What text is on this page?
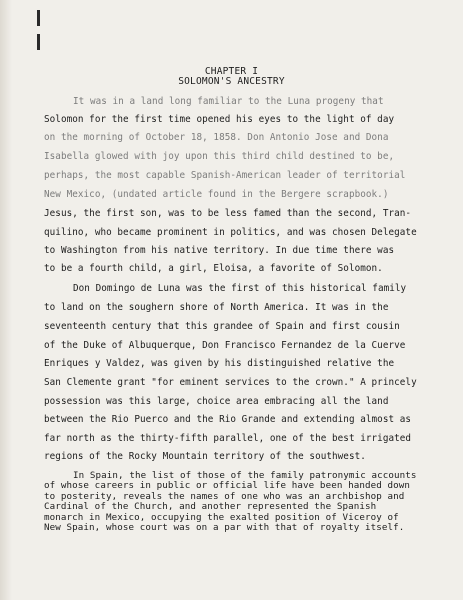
CHAPTER I
SOLOMON'S ANCESTRY
It was in a land long familiar to the Luna progeny that
Solomon for the first time opened his eyes to the light of day
on the morning of October 18, 1858. Don Antonio Jose and Dona
Isabella glowed with joy upon this third child destined to be,
perhaps, the most capable Spanish-American leader of territorial
New Mexico, (undated article found in the Bergere scrapbook.)
Jesus, the first son, was to be less famed than the second, Tran-
quilino, who became prominent in politics, and was chosen Delegate
to Washington from his native territory. In due time there was
to be a fourth child, a girl, Eloisa, a favorite of Solomon.
Don Domingo de Luna was the first of this historical family
to land on the soughern shore of North America. It was in the
seventeenth century that this grandee of Spain and first cousin
of the Duke of Albuquerque, Don Francisco Fernandez de la Cuerve
Enriques y Valdez, was given by his distinguished relative the
San Clemente grant "for eminent services to the crown." A princely
possession was this large, choice area embracing all the land
between the Rio Puerco and the Rio Grande and extending almost as
far north as the thirty-fifth parallel, one of the best irrigated
regions of the Rocky Mountain territory of the southwest.
In Spain, the list of those of the family patronymic accounts
of whose careers in public or official life have been handed down
to posterity, reveals the names of one who was an archbishop and
Cardinal of the Church, and another represented the Spanish
monarch in Mexico, occupying the exalted position of Viceroy of
New Spain, whose court was on a par with that of royalty itself.
